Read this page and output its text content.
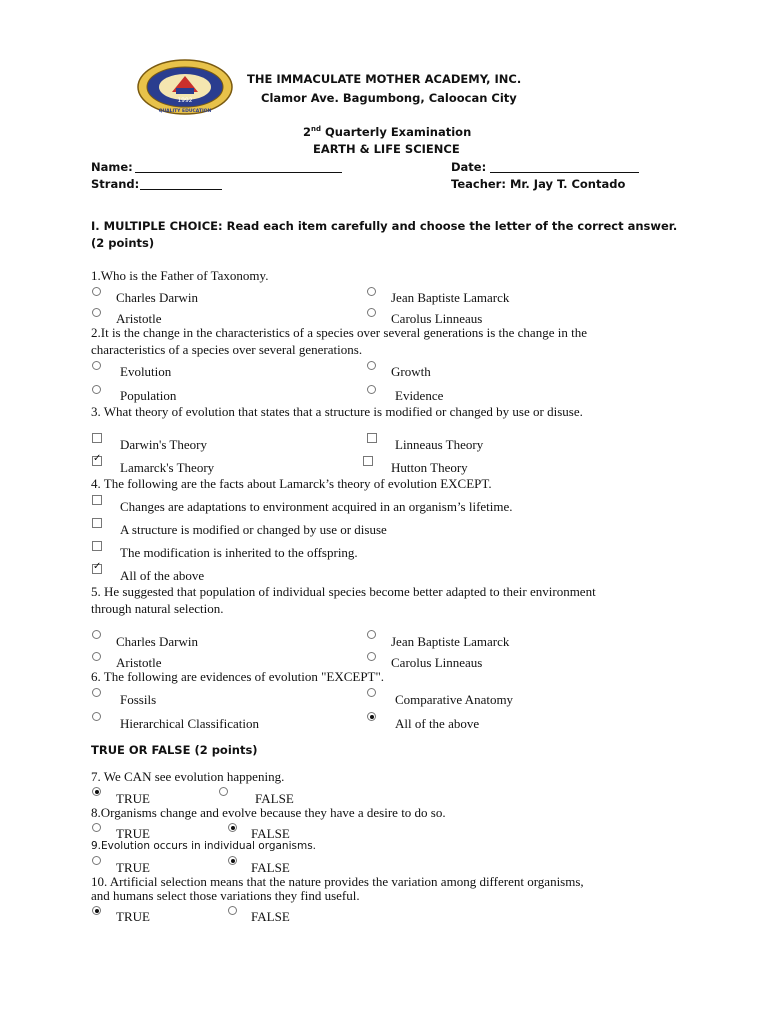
1992
QUALITY EDUCATION
THE IMMACULATE MOTHER ACADEMY, INC.
Clamor Ave. Bagumbong, Caloocan City
2nd Quarterly Examination
EARTH & LIFE SCIENCE
Name:	Date:
Strand:	Teacher: Mr. Jay T. Contado
I. MULTIPLE CHOICE: Read each item carefully and choose the letter of the correct answer.
(2 points)
1.Who is the Father of Taxonomy.
Charles Darwin	Jean Baptiste Lamarck
Aristotle	Carolus Linneaus
2.It is the change in the characteristics of a species over several generations is the change in the
characteristics of a species over several generations.
Evolution	Growth
Population	Evidence
3. What theory of evolution that states that a structure is modified or changed by use or disuse.
Darwin's Theory	Linneaus Theory
✓
Lamarck's Theory	Hutton Theory
4. The following are the facts about Lamarck’s theory of evolution EXCEPT.
Changes are adaptations to environment acquired in an organism’s lifetime.
A structure is modified or changed by use or disuse
The modification is inherited to the offspring.
✓
All of the above
5. He suggested that population of individual species become better adapted to their environment
through natural selection.
Charles Darwin	Jean Baptiste Lamarck
Aristotle	Carolus Linneaus
6. The following are evidences of evolution "EXCEPT".
Fossils	Comparative Anatomy
Hierarchical Classification	All of the above
TRUE OR FALSE (2 points)
7. We CAN see evolution happening.
TRUE	FALSE
8.Organisms change and evolve because they have a desire to do so.
TRUE	FALSE
9.Evolution occurs in individual organisms.
TRUE	FALSE
10. Artificial selection means that the nature provides the variation among different organisms,
and humans select those variations they find useful.
TRUE	FALSE
